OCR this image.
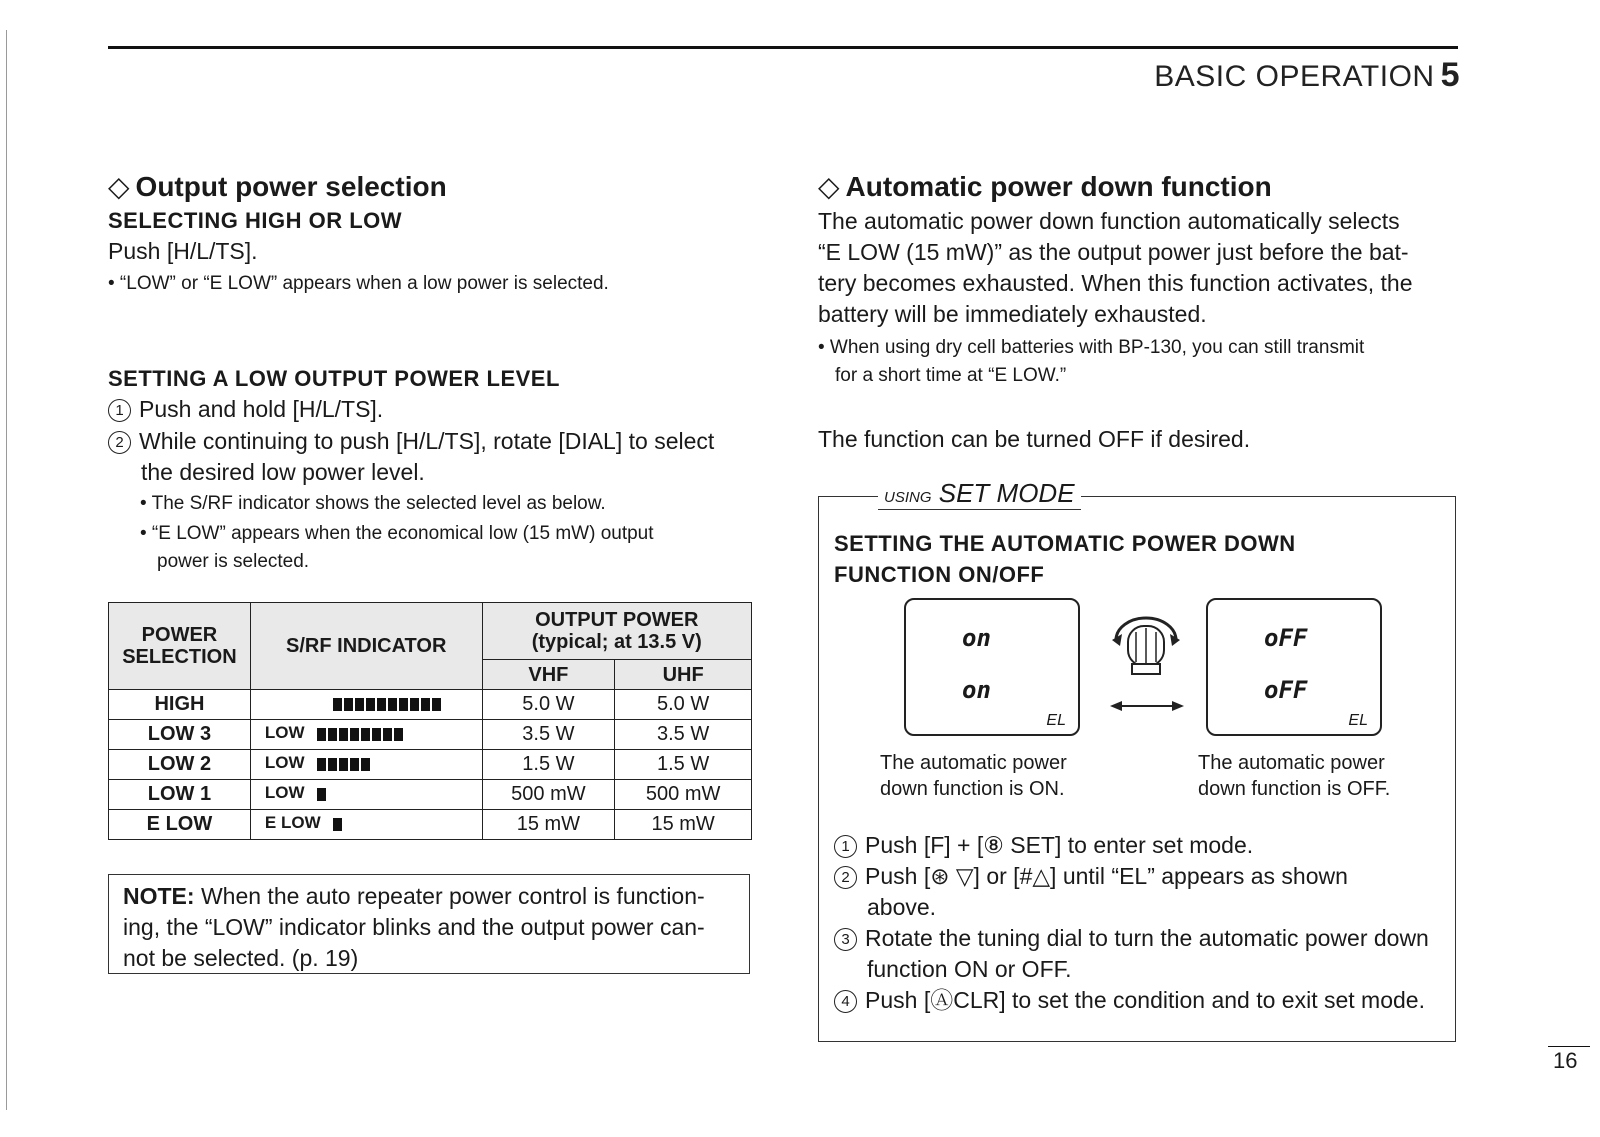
BASIC OPERATION 5
◇ Output power selection
SELECTING HIGH OR LOW
Push [H/L/TS].
• “LOW” or “E LOW” appears when a low power is selected.
SETTING A LOW OUTPUT POWER LEVEL
1 Push and hold [H/L/TS].
2 While continuing to push [H/L/TS], rotate [DIAL] to select
the desired low power level.
• The S/RF indicator shows the selected level as below.
• “E LOW” appears when the economical low (15 mW) output
power is selected.
POWER SELECTION	S/RF INDICATOR	OUTPUT POWER
(typical; at 13.5 V)	
		VHF	UHF
HIGH		5.0 W	5.0 W
LOW 3	LOW	3.5 W	3.5 W
LOW 2	LOW	1.5 W	1.5 W
LOW 1	LOW	500 mW	500 mW
E LOW	E LOW	15 mW	15 mW
NOTE: When the auto repeater power control is function- ing, the “LOW” indicator blinks and the output power can- not be selected. (p. 19)
◇ Automatic power down function
The automatic power down function automatically selects
“E LOW (15 mW)” as the output power just before the bat-
tery becomes exhausted. When this function activates, the
battery will be immediately exhausted.
• When using dry cell batteries with BP-130, you can still transmit
for a short time at “E LOW.”
The function can be turned OFF if desired.
USING SET MODE
SETTING THE AUTOMATIC POWER DOWN
FUNCTION ON/OFF
on
on
EL
oFF
oFF
EL
The automatic power
down function is ON.
The automatic power
down function is OFF.
1 Push [F] + [⑧ SET] to enter set mode.
2 Push [⊛ ▽] or [#△] until “EL” appears as shown
above.
3 Rotate the tuning dial to turn the automatic power down
function ON or OFF.
4 Push [ⒶCLR] to set the condition and to exit set mode.
16
